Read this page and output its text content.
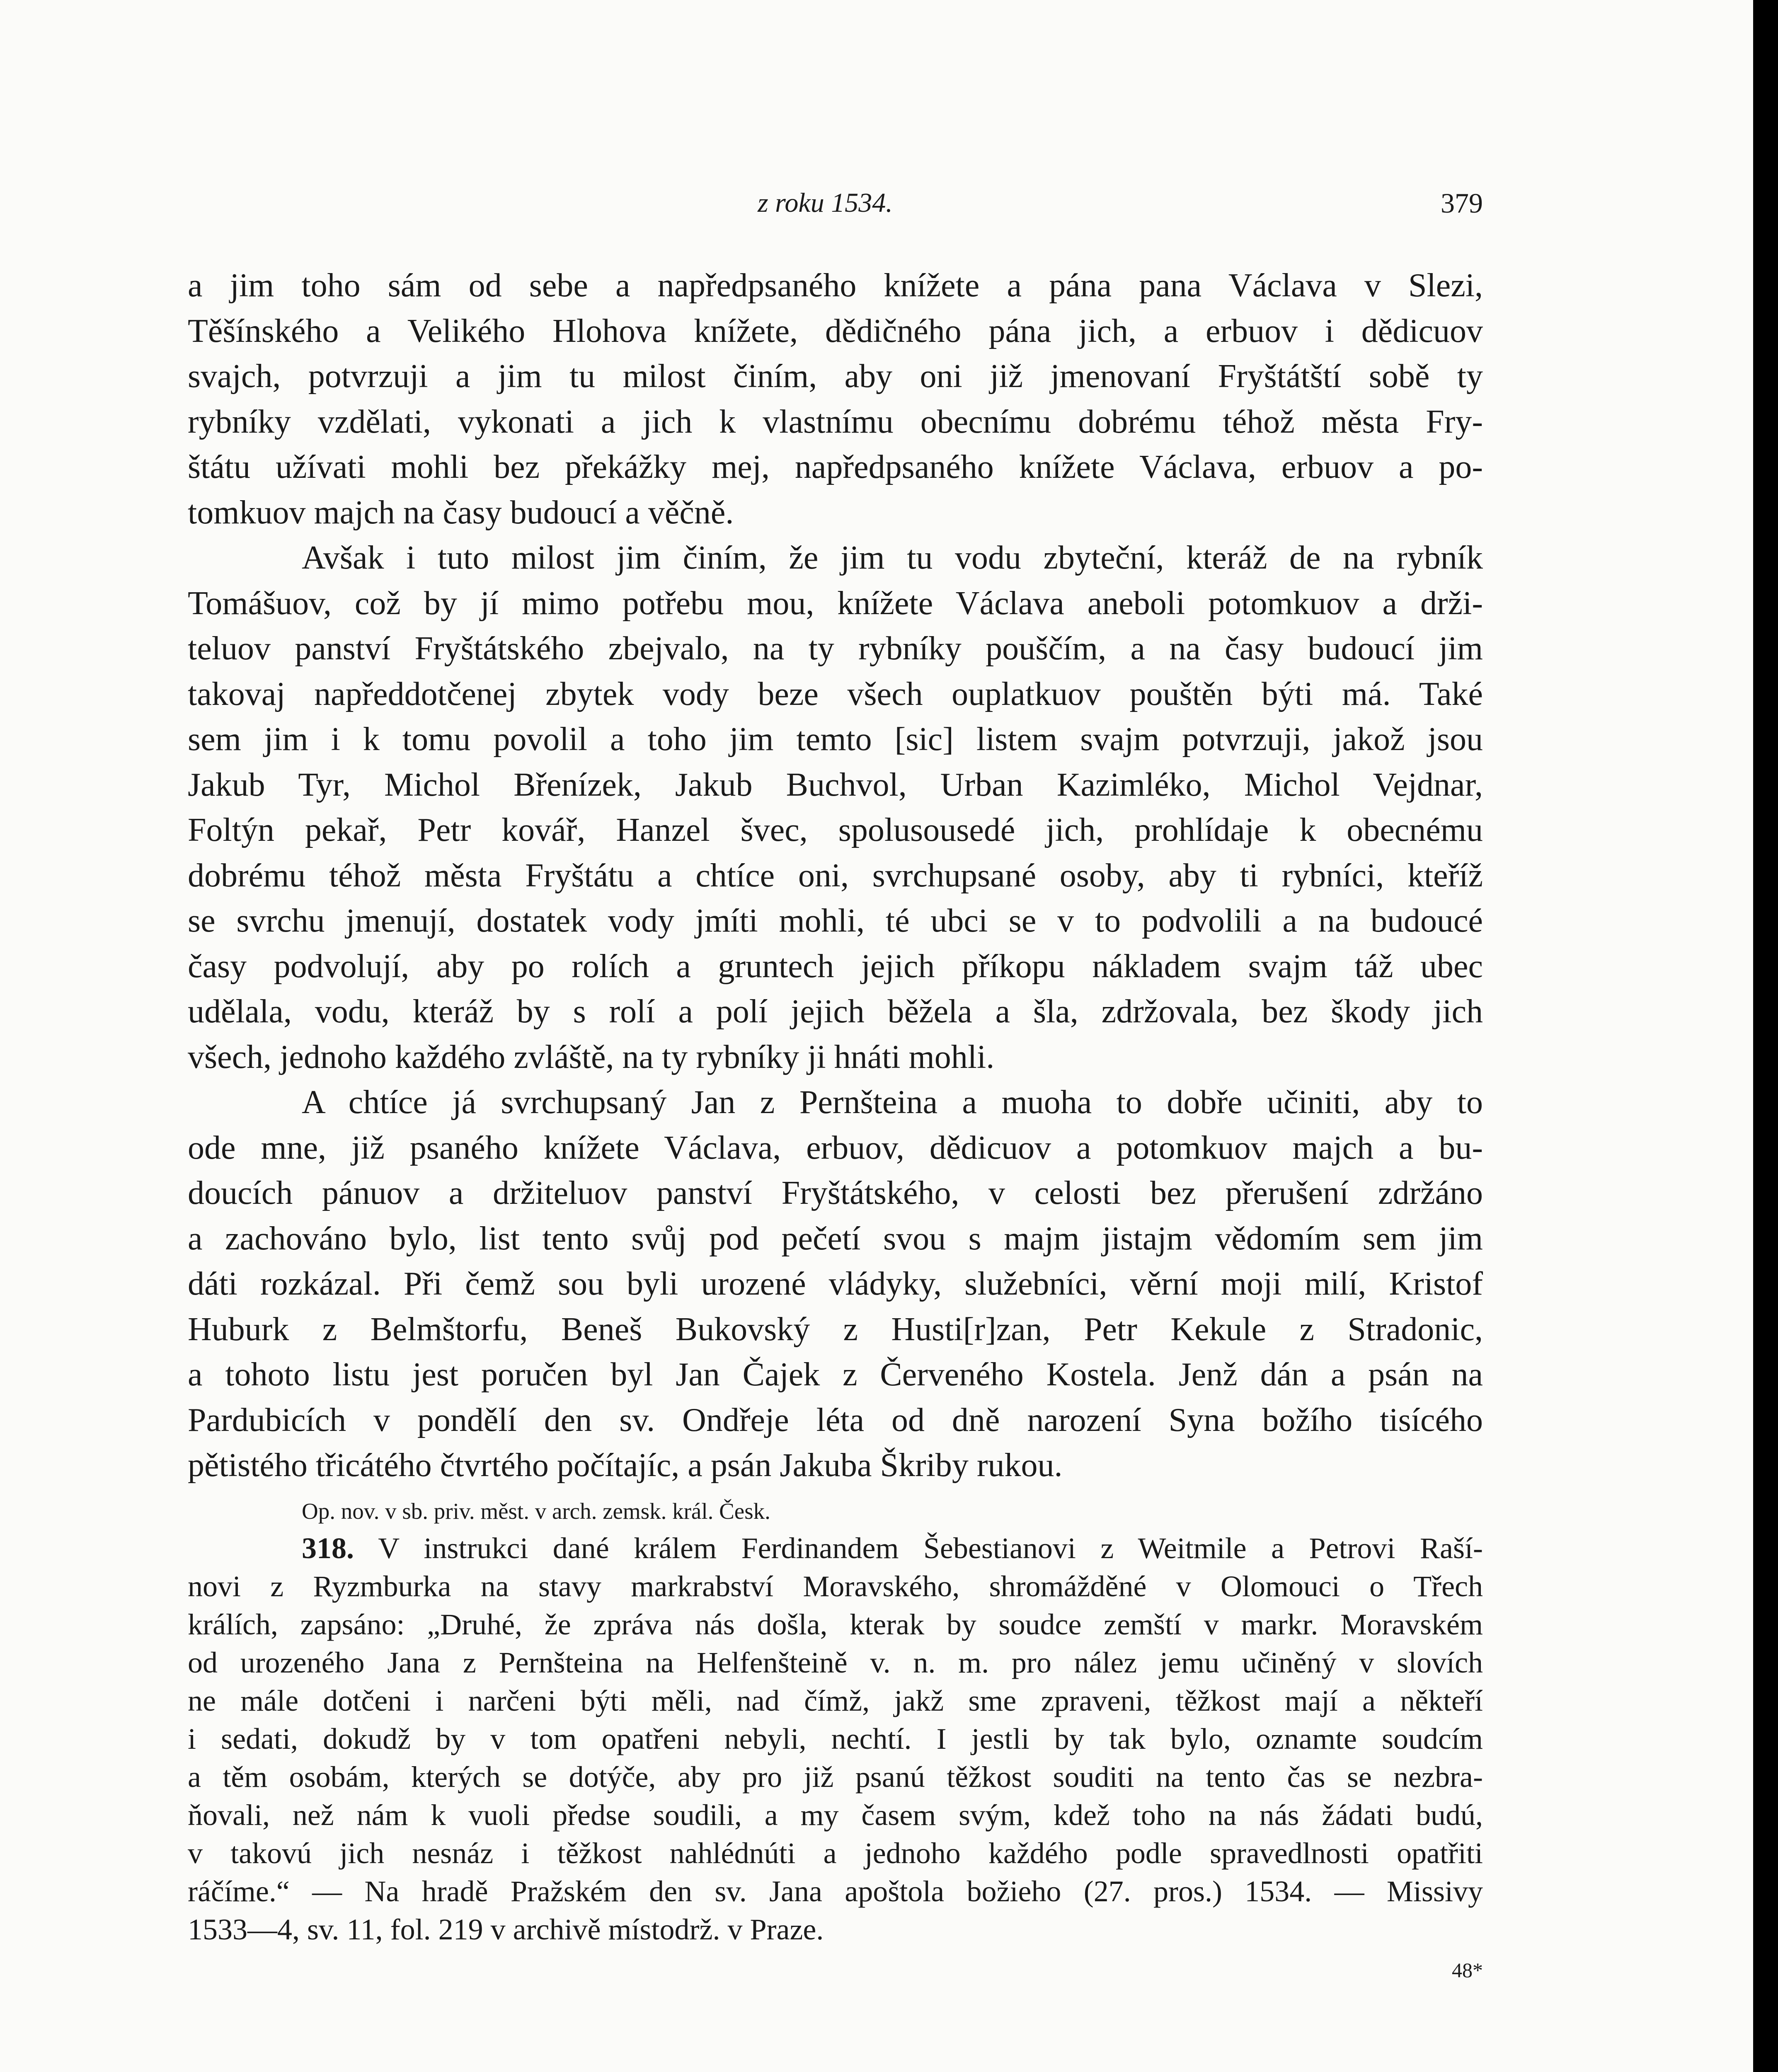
z roku 1534.	379
a jim toho sám od sebe a napředpsaného knížete a pána pana Václava v Slezi,
Těšínského a Velikého Hlohova knížete, dědičného pána jich, a erbuov i dědicuov
svajch, potvrzuji a jim tu milost činím, aby oni již jmenovaní Fryštátští sobě ty
rybníky vzdělati, vykonati a jich k vlastnímu obecnímu dobrému téhož města Fry-
štátu užívati mohli bez překážky mej, napředpsaného knížete Václava, erbuov a po-
tomkuov majch na časy budoucí a věčně.
Avšak i tuto milost jim činím, že jim tu vodu zbyteční, kteráž de na rybník
Tomášuov, což by jí mimo potřebu mou, knížete Václava aneboli potomkuov a drži-
teluov panství Fryštátského zbejvalo, na ty rybníky pouščím, a na časy budoucí jim
takovaj napředdotčenej zbytek vody beze všech ouplatkuov pouštěn býti má. Také
sem jim i k tomu povolil a toho jim temto [sic] listem svajm potvrzuji, jakož jsou
Jakub Tyr, Michol Břenízek, Jakub Buchvol, Urban Kazimléko, Michol Vejdnar,
Foltýn pekař, Petr kovář, Hanzel švec, spolusousedé jich, prohlídaje k obecnému
dobrému téhož města Fryštátu a chtíce oni, svrchupsané osoby, aby ti rybníci, kteříž
se svrchu jmenují, dostatek vody jmíti mohli, té ubci se v to podvolili a na budoucé
časy podvolují, aby po rolích a gruntech jejich příkopu nákladem svajm táž ubec
udělala, vodu, kteráž by s rolí a polí jejich běžela a šla, zdržovala, bez škody jich
všech, jednoho každého zvláště, na ty rybníky ji hnáti mohli.
A chtíce já svrchupsaný Jan z Pernšteina a muoha to dobře učiniti, aby to
ode mne, již psaného knížete Václava, erbuov, dědicuov a potomkuov majch a bu-
doucích pánuov a držiteluov panství Fryštátského, v celosti bez přerušení zdržáno
a zachováno bylo, list tento svůj pod pečetí svou s majm jistajm vědomím sem jim
dáti rozkázal. Při čemž sou byli urozené vládyky, služebníci, věrní moji milí, Kristof
Huburk z Belmštorfu, Beneš Bukovský z Husti[r]zan, Petr Kekule z Stradonic,
a tohoto listu jest poručen byl Jan Čajek z Červeného Kostela. Jenž dán a psán na
Pardubicích v pondělí den sv. Ondřeje léta od dně narození Syna božího tisícého
pětistého třicátého čtvrtého počítajíc, a psán Jakuba Škriby rukou.
Op. nov. v sb. priv. měst. v arch. zemsk. král. Česk.
318. V instrukci dané králem Ferdinandem Šebestianovi z Weitmile a Petrovi Raší-
novi z Ryzmburka na stavy markrabství Moravského, shromážděné v Olomouci o Třech
králích, zapsáno: „Druhé, že zpráva nás došla, kterak by soudce zemští v markr. Moravském
od urozeného Jana z Pernšteina na Helfenšteině v. n. m. pro nález jemu učiněný v slovích
ne mále dotčeni i narčeni býti měli, nad čímž, jakž sme zpraveni, těžkost mají a někteří
i sedati, dokudž by v tom opatřeni nebyli, nechtí. I jestli by tak bylo, oznamte soudcím
a těm osobám, kterých se dotýče, aby pro již psanú těžkost souditi na tento čas se nezbra-
ňovali, než nám k vuoli předse soudili, a my časem svým, kdež toho na nás žádati budú,
v takovú jich nesnáz i těžkost nahlédnúti a jednoho každého podle spravedlnosti opatřiti
ráčíme.“ — Na hradě Pražském den sv. Jana apoštola božieho (27. pros.) 1534. — Missivy
1533—4, sv. 11, fol. 219 v archivě místodrž. v Praze.
48*
